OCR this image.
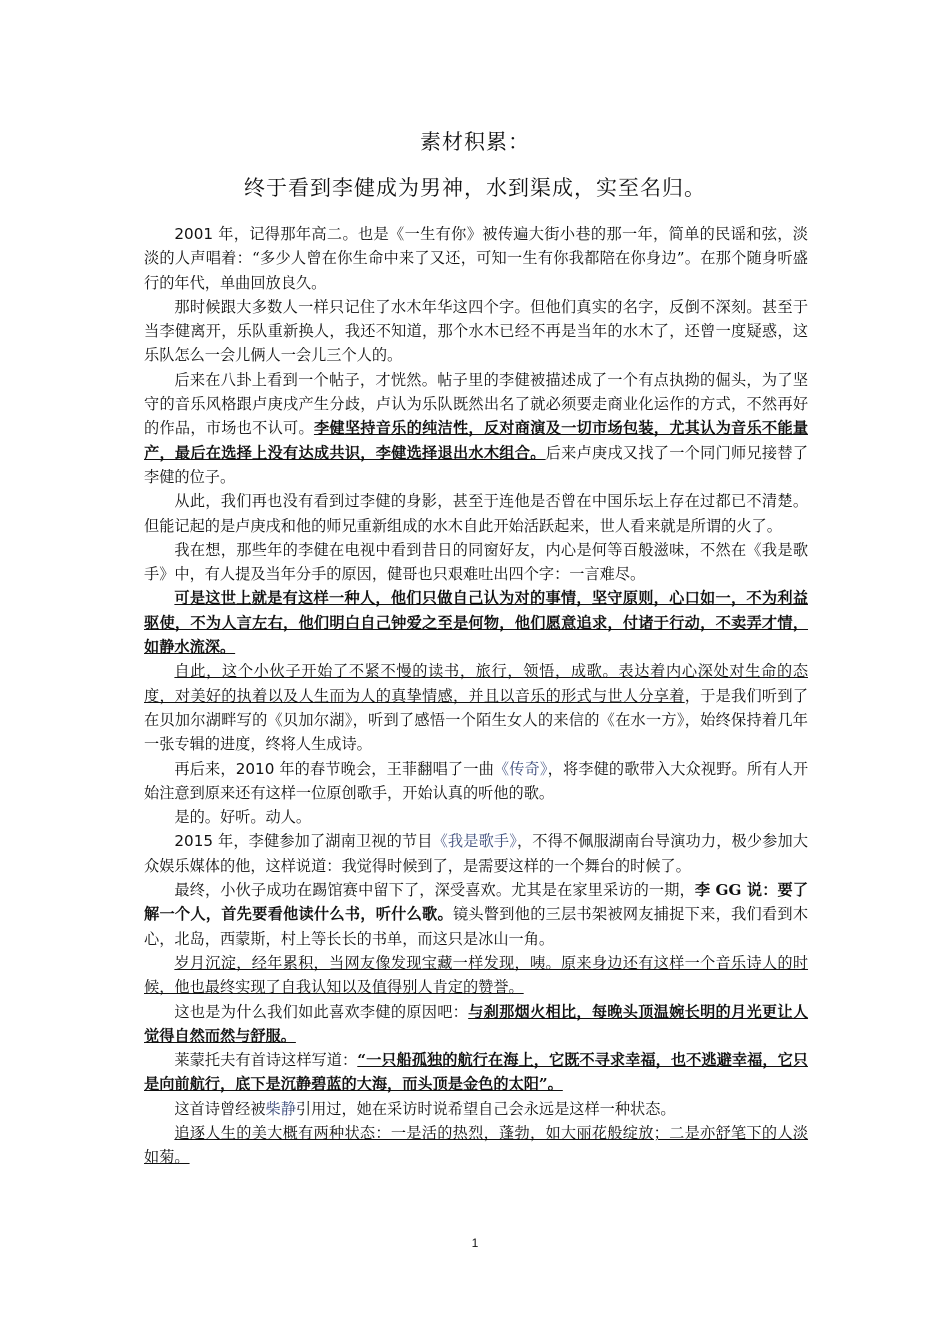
素材积累：
终于看到李健成为男神，水到渠成，实至名归。

2001 年，记得那年高二。也是《一生有你》被传遍大街小巷的那一年，简单的民谣和弦，淡淡的人声唱着：“多少人曾在你生命中来了又还，可知一生有你我都陪在你身边”。在那个随身听盛行的年代，单曲回放良久。

那时候跟大多数人一样只记住了水木年华这四个字。但他们真实的名字，反倒不深刻。甚至于当李健离开，乐队重新换人，我还不知道，那个水木已经不再是当年的水木了，还曾一度疑惑，这乐队怎么一会儿俩人一会儿三个人的。

后来在八卦上看到一个帖子，才恍然。帖子里的李健被描述成了一个有点执拗的倔头，为了坚守的音乐风格跟卢庚戌产生分歧，卢认为乐队既然出名了就必须要走商业化运作的方式，不然再好的作品，市场也不认可。李健坚持音乐的纯洁性，反对商演及一切市场包装，尤其认为音乐不能量产，最后在选择上没有达成共识，李健选择退出水木组合。后来卢庚戌又找了一个同门师兄接替了李健的位子。

从此，我们再也没有看到过李健的身影，甚至于连他是否曾在中国乐坛上存在过都已不清楚。但能记起的是卢庚戌和他的师兄重新组成的水木自此开始活跃起来，世人看来就是所谓的火了。

我在想，那些年的李健在电视中看到昔日的同窗好友，内心是何等百般滋味，不然在《我是歌手》中，有人提及当年分手的原因，健哥也只艰难吐出四个字：一言难尽。

可是这世上就是有这样一种人，他们只做自己认为对的事情，坚守原则，心口如一，不为利益驱使，不为人言左右，他们明白自己钟爱之至是何物，他们愿意追求，付诸于行动，不卖弄才情，如静水流深。

自此，这个小伙子开始了不紧不慢的读书，旅行，领悟，成歌。表达着内心深处对生命的态度，对美好的执着以及人生而为人的真挚情感，并且以音乐的形式与世人分享着，于是我们听到了在贝加尔湖畔写的《贝加尔湖》，听到了感悟一个陌生女人的来信的《在水一方》，始终保持着几年一张专辑的进度，终将人生成诗。

再后来，2010 年的春节晚会，王菲翻唱了一曲《传奇》，将李健的歌带入大众视野。所有人开始注意到原来还有这样一位原创歌手，开始认真的听他的歌。

是的。好听。动人。

2015 年，李健参加了湖南卫视的节目《我是歌手》，不得不佩服湖南台导演功力，极少参加大众娱乐媒体的他，这样说道：我觉得时候到了，是需要这样的一个舞台的时候了。

最终，小伙子成功在踢馆赛中留下了，深受喜欢。尤其是在家里采访的一期，李 GG 说：要了解一个人，首先要看他读什么书，听什么歌。镜头瞥到他的三层书架被网友捕捉下来，我们看到木心，北岛，西蒙斯，村上等长长的书单，而这只是冰山一角。

岁月沉淀，经年累积，当网友像发现宝藏一样发现，咦。原来身边还有这样一个音乐诗人的时候，他也最终实现了自我认知以及值得别人肯定的赞誉。

这也是为什么我们如此喜欢李健的原因吧：与刹那烟火相比，每晚头顶温婉长明的月光更让人觉得自然而然与舒服。

莱蒙托夫有首诗这样写道：“一只船孤独的航行在海上，它既不寻求幸福，也不逃避幸福，它只是向前航行，底下是沉静碧蓝的大海，而头顶是金色的太阳”。

这首诗曾经被柴静引用过，她在采访时说希望自己会永远是这样一种状态。

追逐人生的美大概有两种状态：一是活的热烈，蓬勃，如大丽花般绽放；二是亦舒笔下的人淡如菊。

1
